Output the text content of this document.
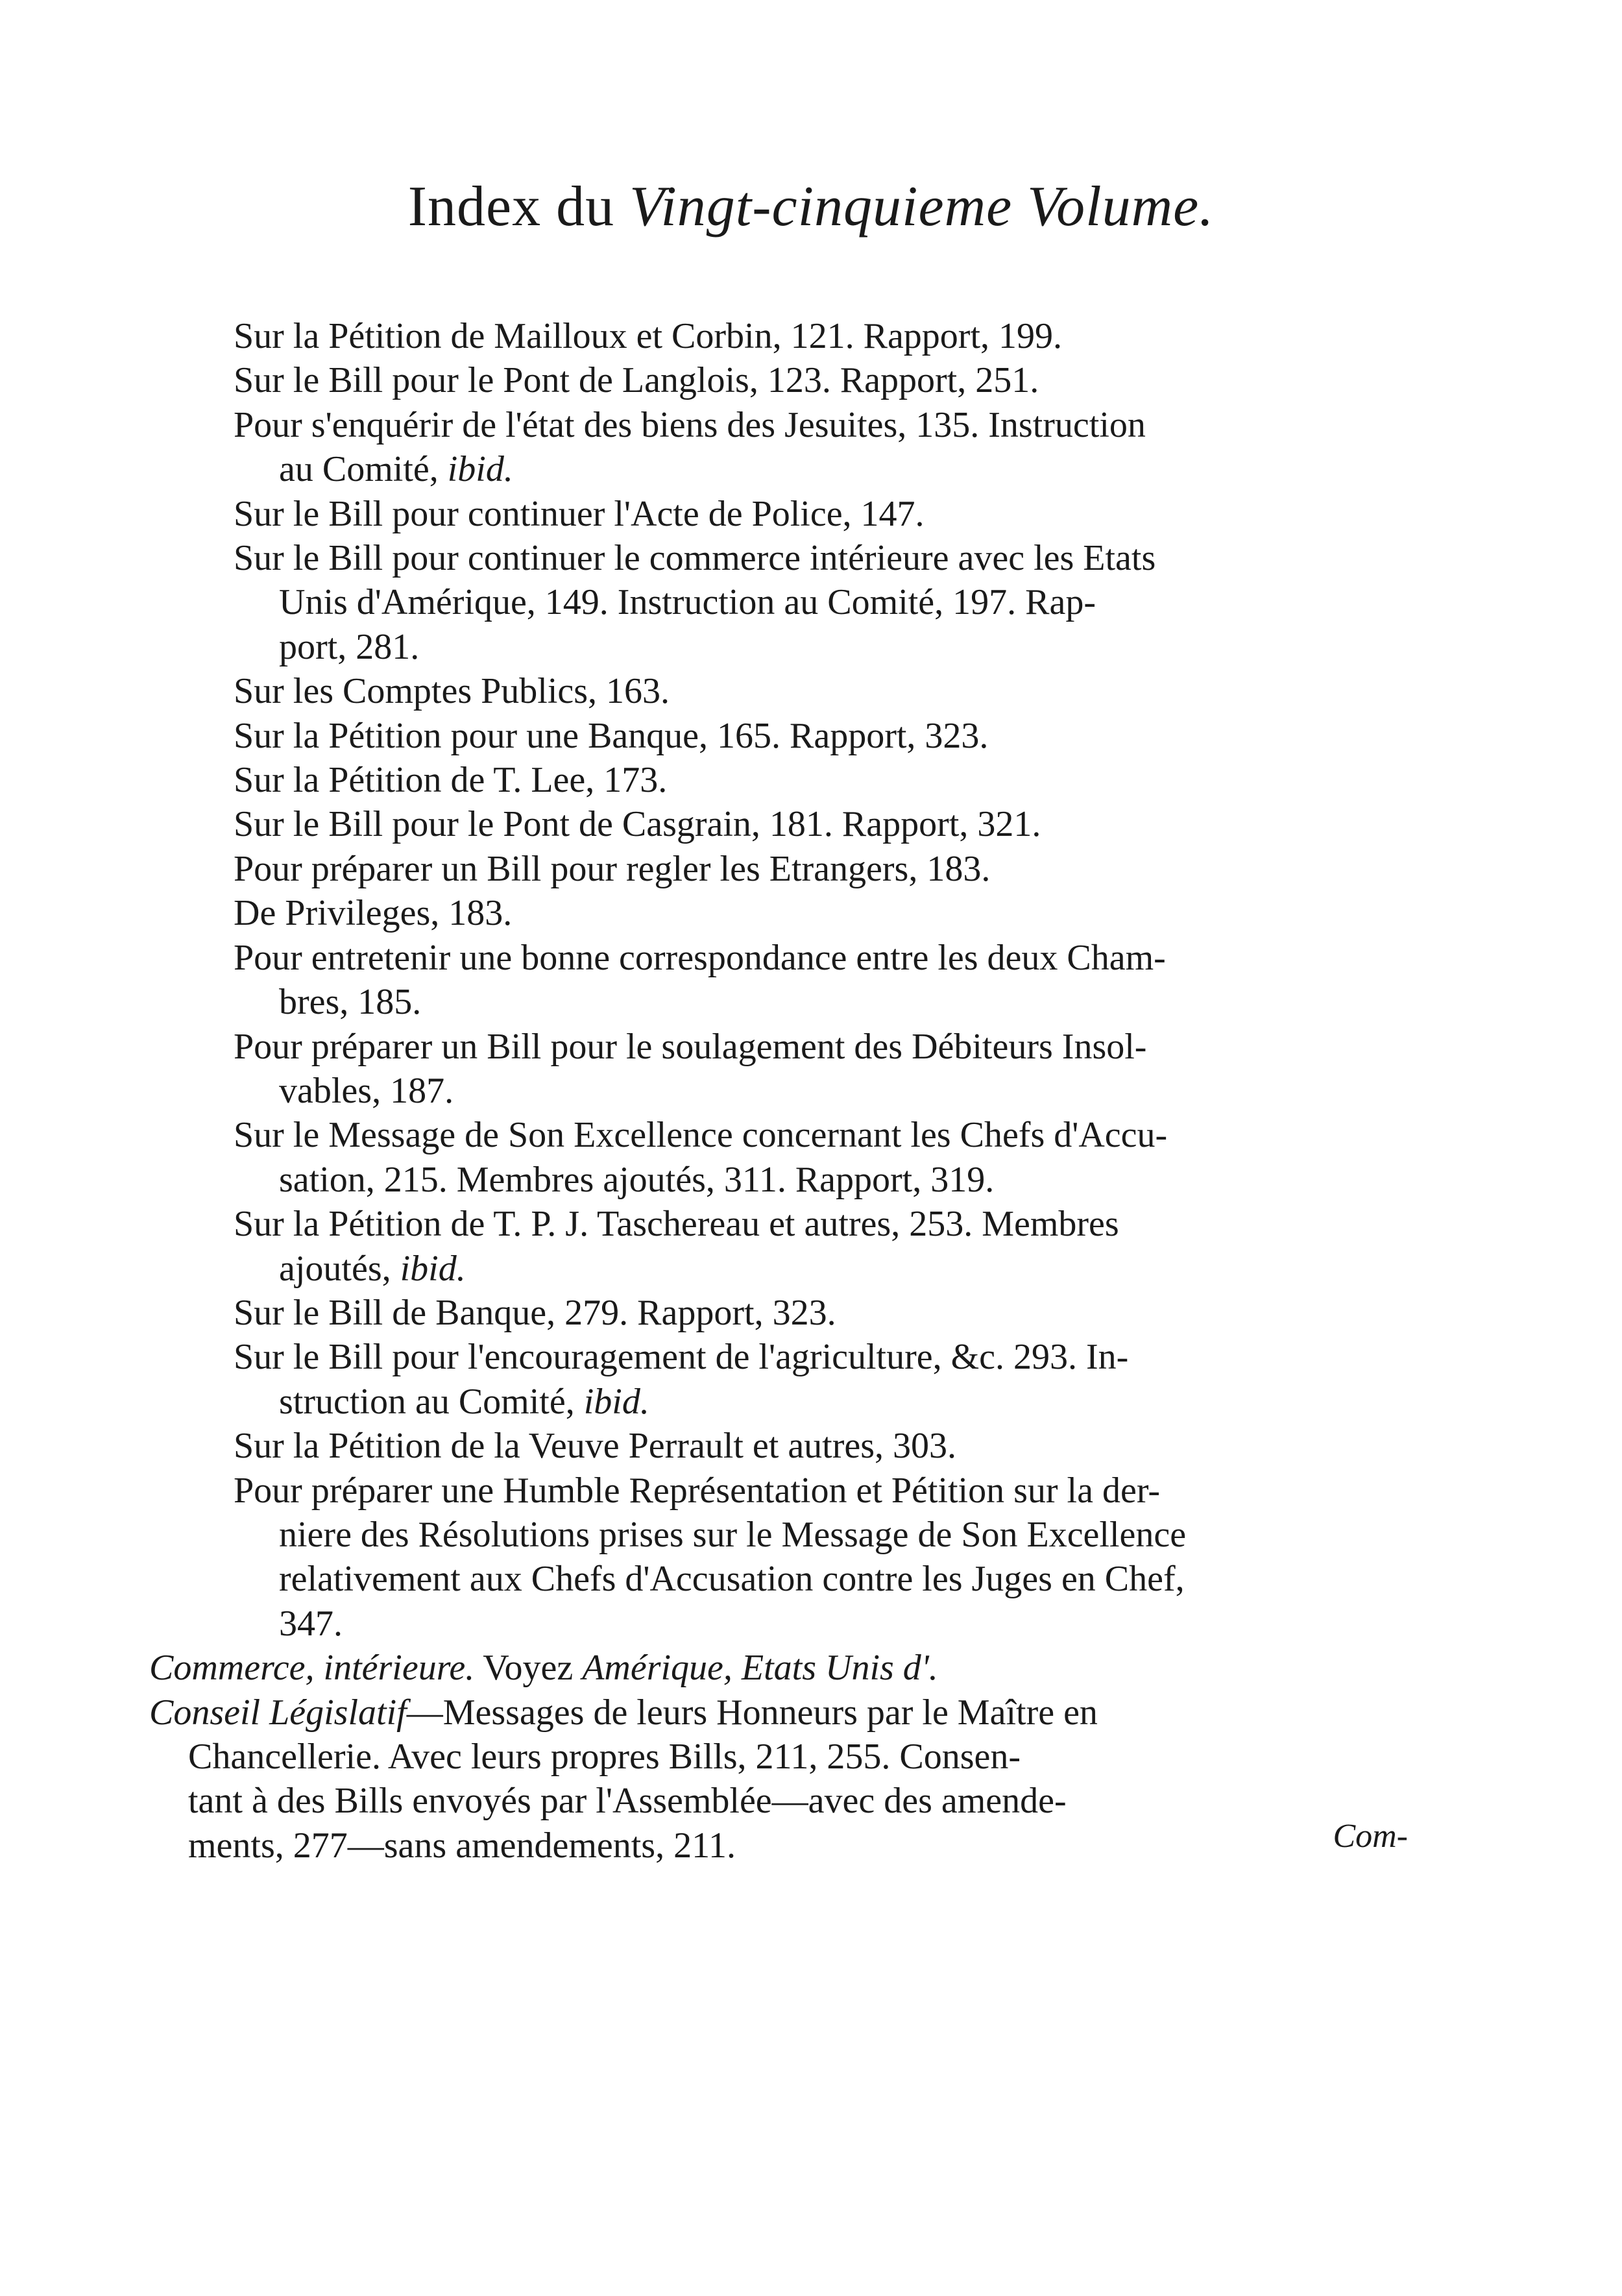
Index du Vingt-cinquieme Volume.
Sur la Pétition de Mailloux et Corbin, 121. Rapport, 199.
Sur le Bill pour le Pont de Langlois, 123. Rapport, 251.
Pour s'enquérir de l'état des biens des Jesuites, 135. Instruction
au Comité, ibid.
Sur le Bill pour continuer l'Acte de Police, 147.
Sur le Bill pour continuer le commerce intérieure avec les Etats
Unis d'Amérique, 149. Instruction au Comité, 197. Rap-
port, 281.
Sur les Comptes Publics, 163.
Sur la Pétition pour une Banque, 165. Rapport, 323.
Sur la Pétition de T. Lee, 173.
Sur le Bill pour le Pont de Casgrain, 181. Rapport, 321.
Pour préparer un Bill pour regler les Etrangers, 183.
De Privileges, 183.
Pour entretenir une bonne correspondance entre les deux Cham-
bres, 185.
Pour préparer un Bill pour le soulagement des Débiteurs Insol-
vables, 187.
Sur le Message de Son Excellence concernant les Chefs d'Accu-
sation, 215. Membres ajoutés, 311. Rapport, 319.
Sur la Pétition de T. P. J. Taschereau et autres, 253. Membres
ajoutés, ibid.
Sur le Bill de Banque, 279. Rapport, 323.
Sur le Bill pour l'encouragement de l'agriculture, &c. 293. In-
struction au Comité, ibid.
Sur la Pétition de la Veuve Perrault et autres, 303.
Pour préparer une Humble Représentation et Pétition sur la der-
niere des Résolutions prises sur le Message de Son Excellence
relativement aux Chefs d'Accusation contre les Juges en Chef,
347.
Commerce, intérieure. Voyez Amérique, Etats Unis d'.
Conseil Législatif—Messages de leurs Honneurs par le Maître en
Chancellerie. Avec leurs propres Bills, 211, 255. Consen-
tant à des Bills envoyés par l'Assemblée—avec des amende-
ments, 277—sans amendements, 211.	Com-
